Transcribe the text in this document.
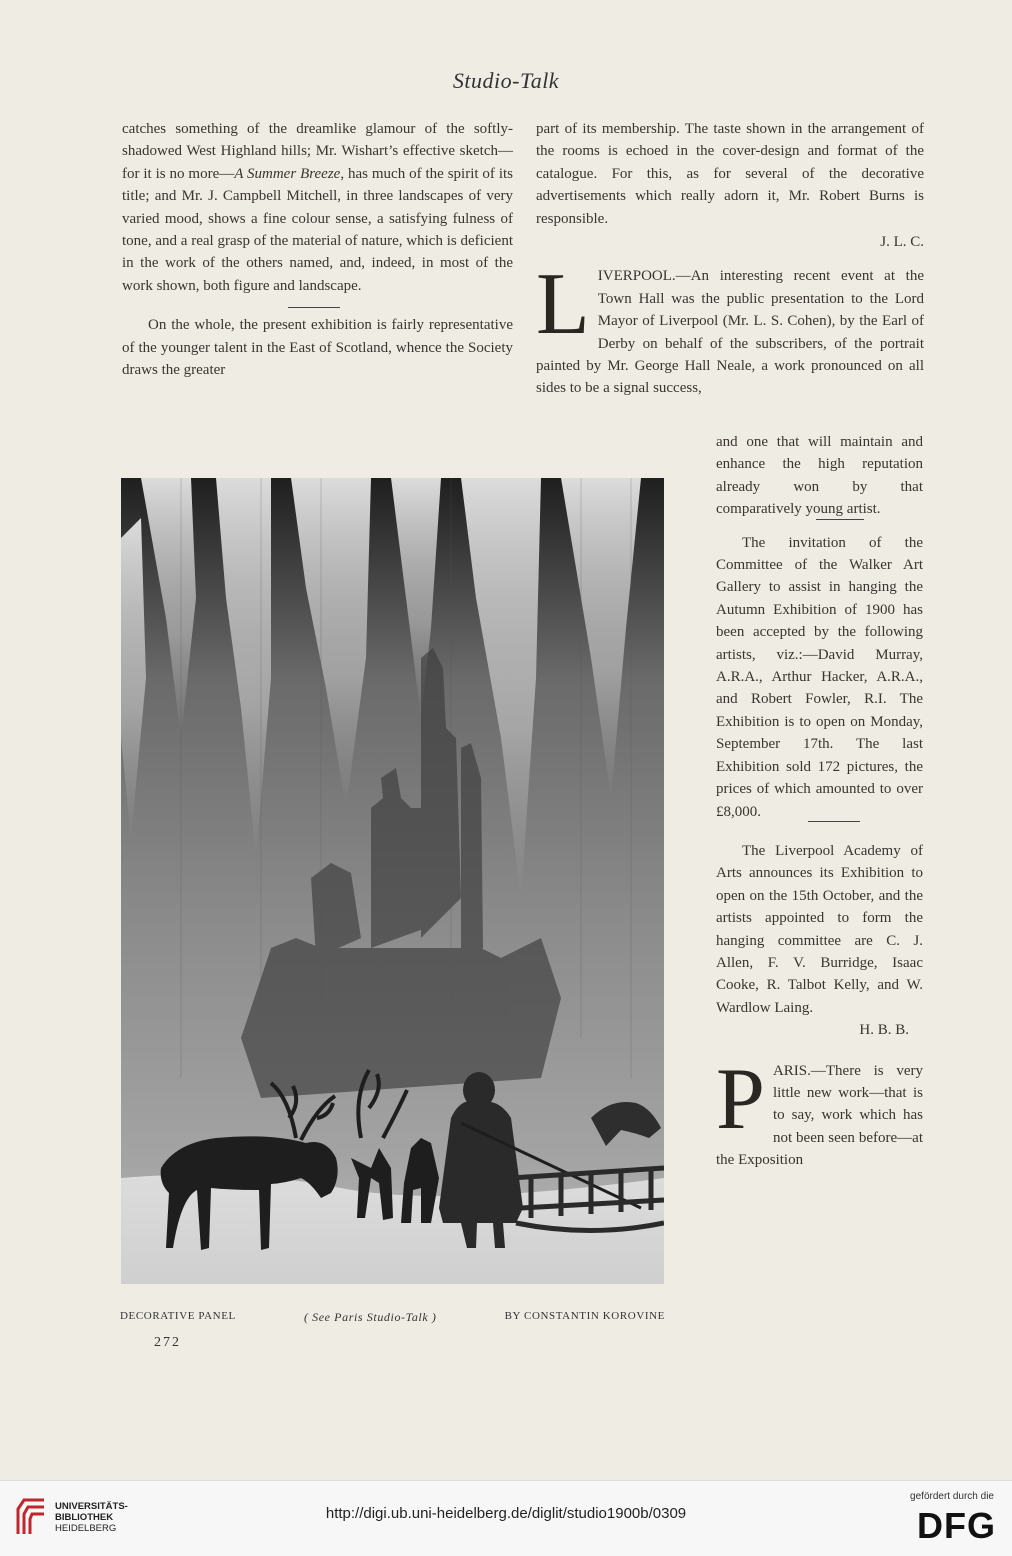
Studio-Talk

catches something of the dreamlike glamour of the softly-shadowed West Highland hills; Mr. Wishart’s effective sketch—for it is no more—A Summer Breeze, has much of the spirit of its title; and Mr. J. Campbell Mitchell, in three landscapes of very varied mood, shows a fine colour sense, a satisfying fulness of tone, and a real grasp of the material of nature, which is deficient in the work of the others named, and, indeed, in most of the work shown, both figure and landscape.

On the whole, the present exhibition is fairly representative of the younger talent in the East of Scotland, whence the Society draws the greater

part of its membership. The taste shown in the arrangement of the rooms is echoed in the cover-design and format of the catalogue. For this, as for several of the decorative advertisements which really adorn it, Mr. Robert Burns is responsible.

J. L. C.

LIVERPOOL.—An interesting recent event at the Town Hall was the public presentation to the Lord Mayor of Liverpool (Mr. L. S. Cohen), by the Earl of Derby on behalf of the subscribers, of the portrait painted by Mr. George Hall Neale, a work pronounced on all sides to be a signal success,

and one that will maintain and enhance the high reputation already won by that comparatively young artist.

The invitation of the Committee of the Walker Art Gallery to assist in hanging the Autumn Exhibition of 1900 has been accepted by the following artists, viz.:—David Murray, A.R.A., Arthur Hacker, A.R.A., and Robert Fowler, R.I. The Exhibition is to open on Monday, September 17th. The last Exhibition sold 172 pictures, the prices of which amounted to over £8,000.

The Liverpool Academy of Arts announces its Exhibition to open on the 15th October, and the artists appointed to form the hanging committee are C. J. Allen, F. V. Burridge, Isaac Cooke, R. Talbot Kelly, and W. Wardlow Laing.

H. B. B.

PARIS.—There is very little new work—that is to say, work which has not been seen before—at the Exposition

DECORATIVE PANEL	( See Paris Studio-Talk )	BY CONSTANTIN KOROVINE
272
UNIVERSITÄTS-
BIBLIOTHEK
HEIDELBERG
http://digi.ub.uni-heidelberg.de/diglit/studio1900b/0309
gefördert durch die
DFG
